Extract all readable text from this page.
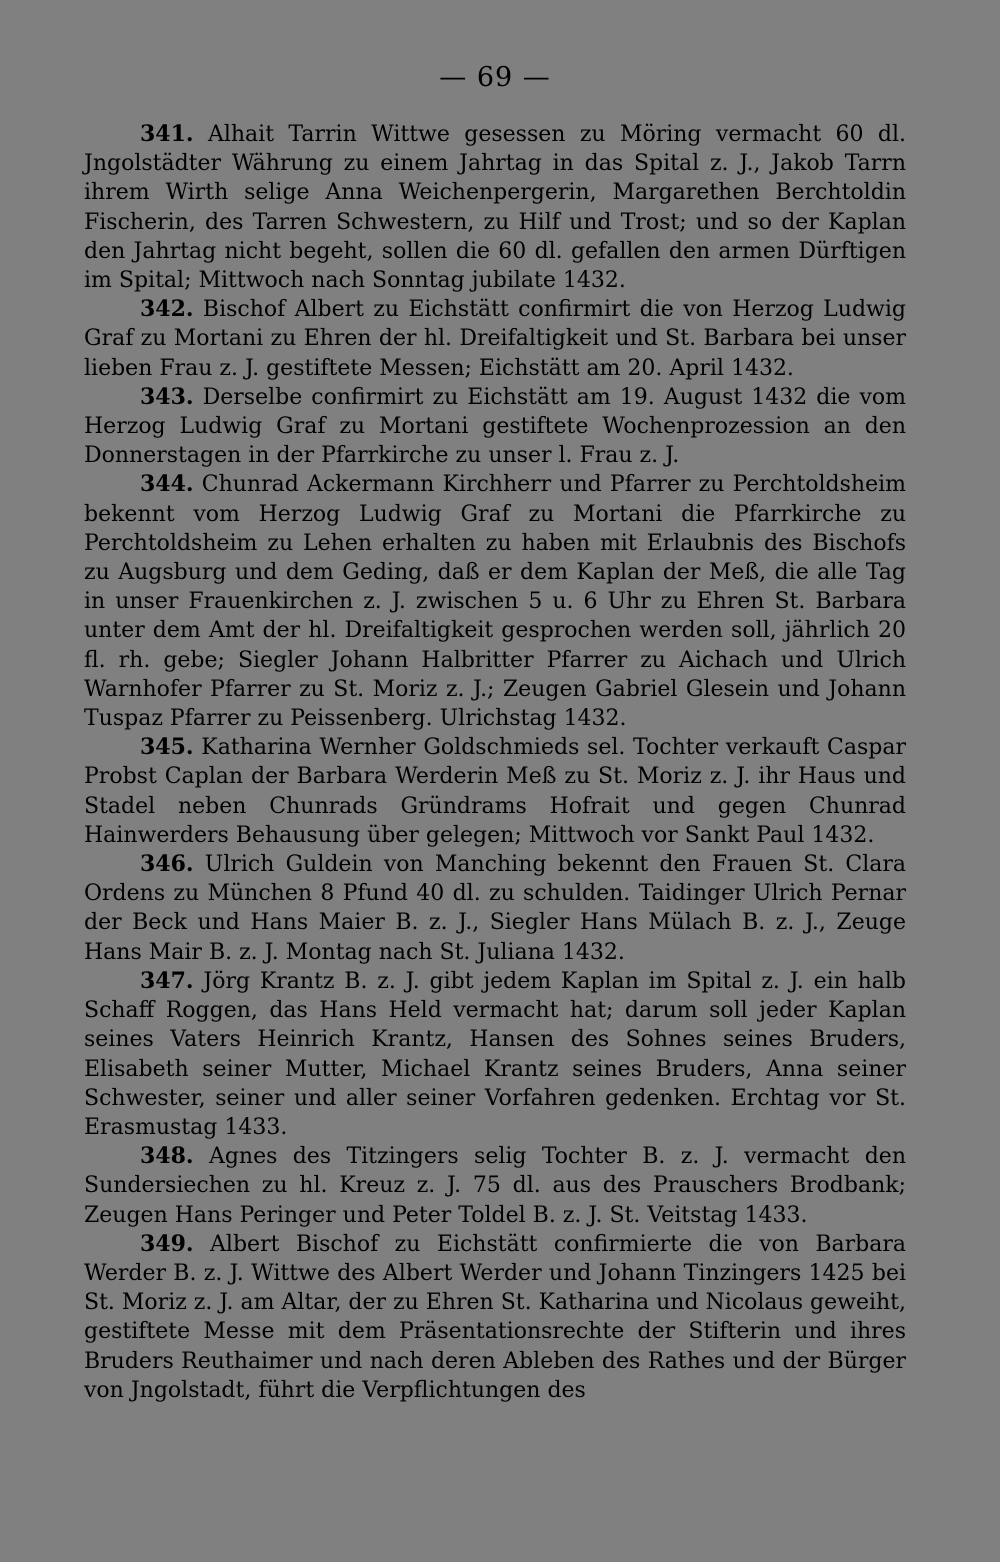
— 69 —

341. Alhait Tarrin Wittwe gesessen zu Möring vermacht 60 dl. Jngolstädter Währung zu einem Jahrtag in das Spital z. J., Jakob Tarrn ihrem Wirth selige Anna Weichenpergerin, Margarethen Berchtoldin Fischerin, des Tarren Schwestern, zu Hilf und Trost; und so der Kaplan den Jahrtag nicht begeht, sollen die 60 dl. gefallen den armen Dürftigen im Spital; Mittwoch nach Sonntag jubilate 1432.

342. Bischof Albert zu Eichstätt confirmirt die von Herzog Ludwig Graf zu Mortani zu Ehren der hl. Dreifaltigkeit und St. Barbara bei unser lieben Frau z. J. gestiftete Messen; Eichstätt am 20. April 1432.

343. Derselbe confirmirt zu Eichstätt am 19. August 1432 die vom Herzog Ludwig Graf zu Mortani gestiftete Wochenprozession an den Donnerstagen in der Pfarrkirche zu unser l. Frau z. J.

344. Chunrad Ackermann Kirchherr und Pfarrer zu Perchtoldsheim bekennt vom Herzog Ludwig Graf zu Mortani die Pfarrkirche zu Perchtoldsheim zu Lehen erhalten zu haben mit Erlaubnis des Bischofs zu Augsburg und dem Geding, daß er dem Kaplan der Meß, die alle Tag in unser Frauenkirchen z. J. zwischen 5 u. 6 Uhr zu Ehren St. Barbara unter dem Amt der hl. Dreifaltigkeit gesprochen werden soll, jährlich 20 fl. rh. gebe; Siegler Johann Halbritter Pfarrer zu Aichach und Ulrich Warnhofer Pfarrer zu St. Moriz z. J.; Zeugen Gabriel Glesein und Johann Tuspaz Pfarrer zu Peissenberg. Ulrichstag 1432.

345. Katharina Wernher Goldschmieds sel. Tochter verkauft Caspar Probst Caplan der Barbara Werderin Meß zu St. Moriz z. J. ihr Haus und Stadel neben Chunrads Gründrams Hofrait und gegen Chunrad Hainwerders Behausung über gelegen; Mittwoch vor Sankt Paul 1432.

346. Ulrich Guldein von Manching bekennt den Frauen St. Clara Ordens zu München 8 Pfund 40 dl. zu schulden. Taidinger Ulrich Pernar der Beck und Hans Maier B. z. J., Siegler Hans Mülach B. z. J., Zeuge Hans Mair B. z. J. Montag nach St. Juliana 1432.

347. Jörg Krantz B. z. J. gibt jedem Kaplan im Spital z. J. ein halb Schaff Roggen, das Hans Held vermacht hat; darum soll jeder Kaplan seines Vaters Heinrich Krantz, Hansen des Sohnes seines Bruders, Elisabeth seiner Mutter, Michael Krantz seines Bruders, Anna seiner Schwester, seiner und aller seiner Vorfahren gedenken. Erchtag vor St. Erasmustag 1433.

348. Agnes des Titzingers selig Tochter B. z. J. vermacht den Sundersiechen zu hl. Kreuz z. J. 75 dl. aus des Prauschers Brodbank; Zeugen Hans Peringer und Peter Toldel B. z. J. St. Veitstag 1433.

349. Albert Bischof zu Eichstätt confirmierte die von Barbara Werder B. z. J. Wittwe des Albert Werder und Johann Tinzingers 1425 bei St. Moriz z. J. am Altar, der zu Ehren St. Katharina und Nicolaus geweiht, gestiftete Messe mit dem Präsentationsrechte der Stifterin und ihres Bruders Reuthaimer und nach deren Ableben des Rathes und der Bürger von Jngolstadt, führt die Verpflichtungen des
